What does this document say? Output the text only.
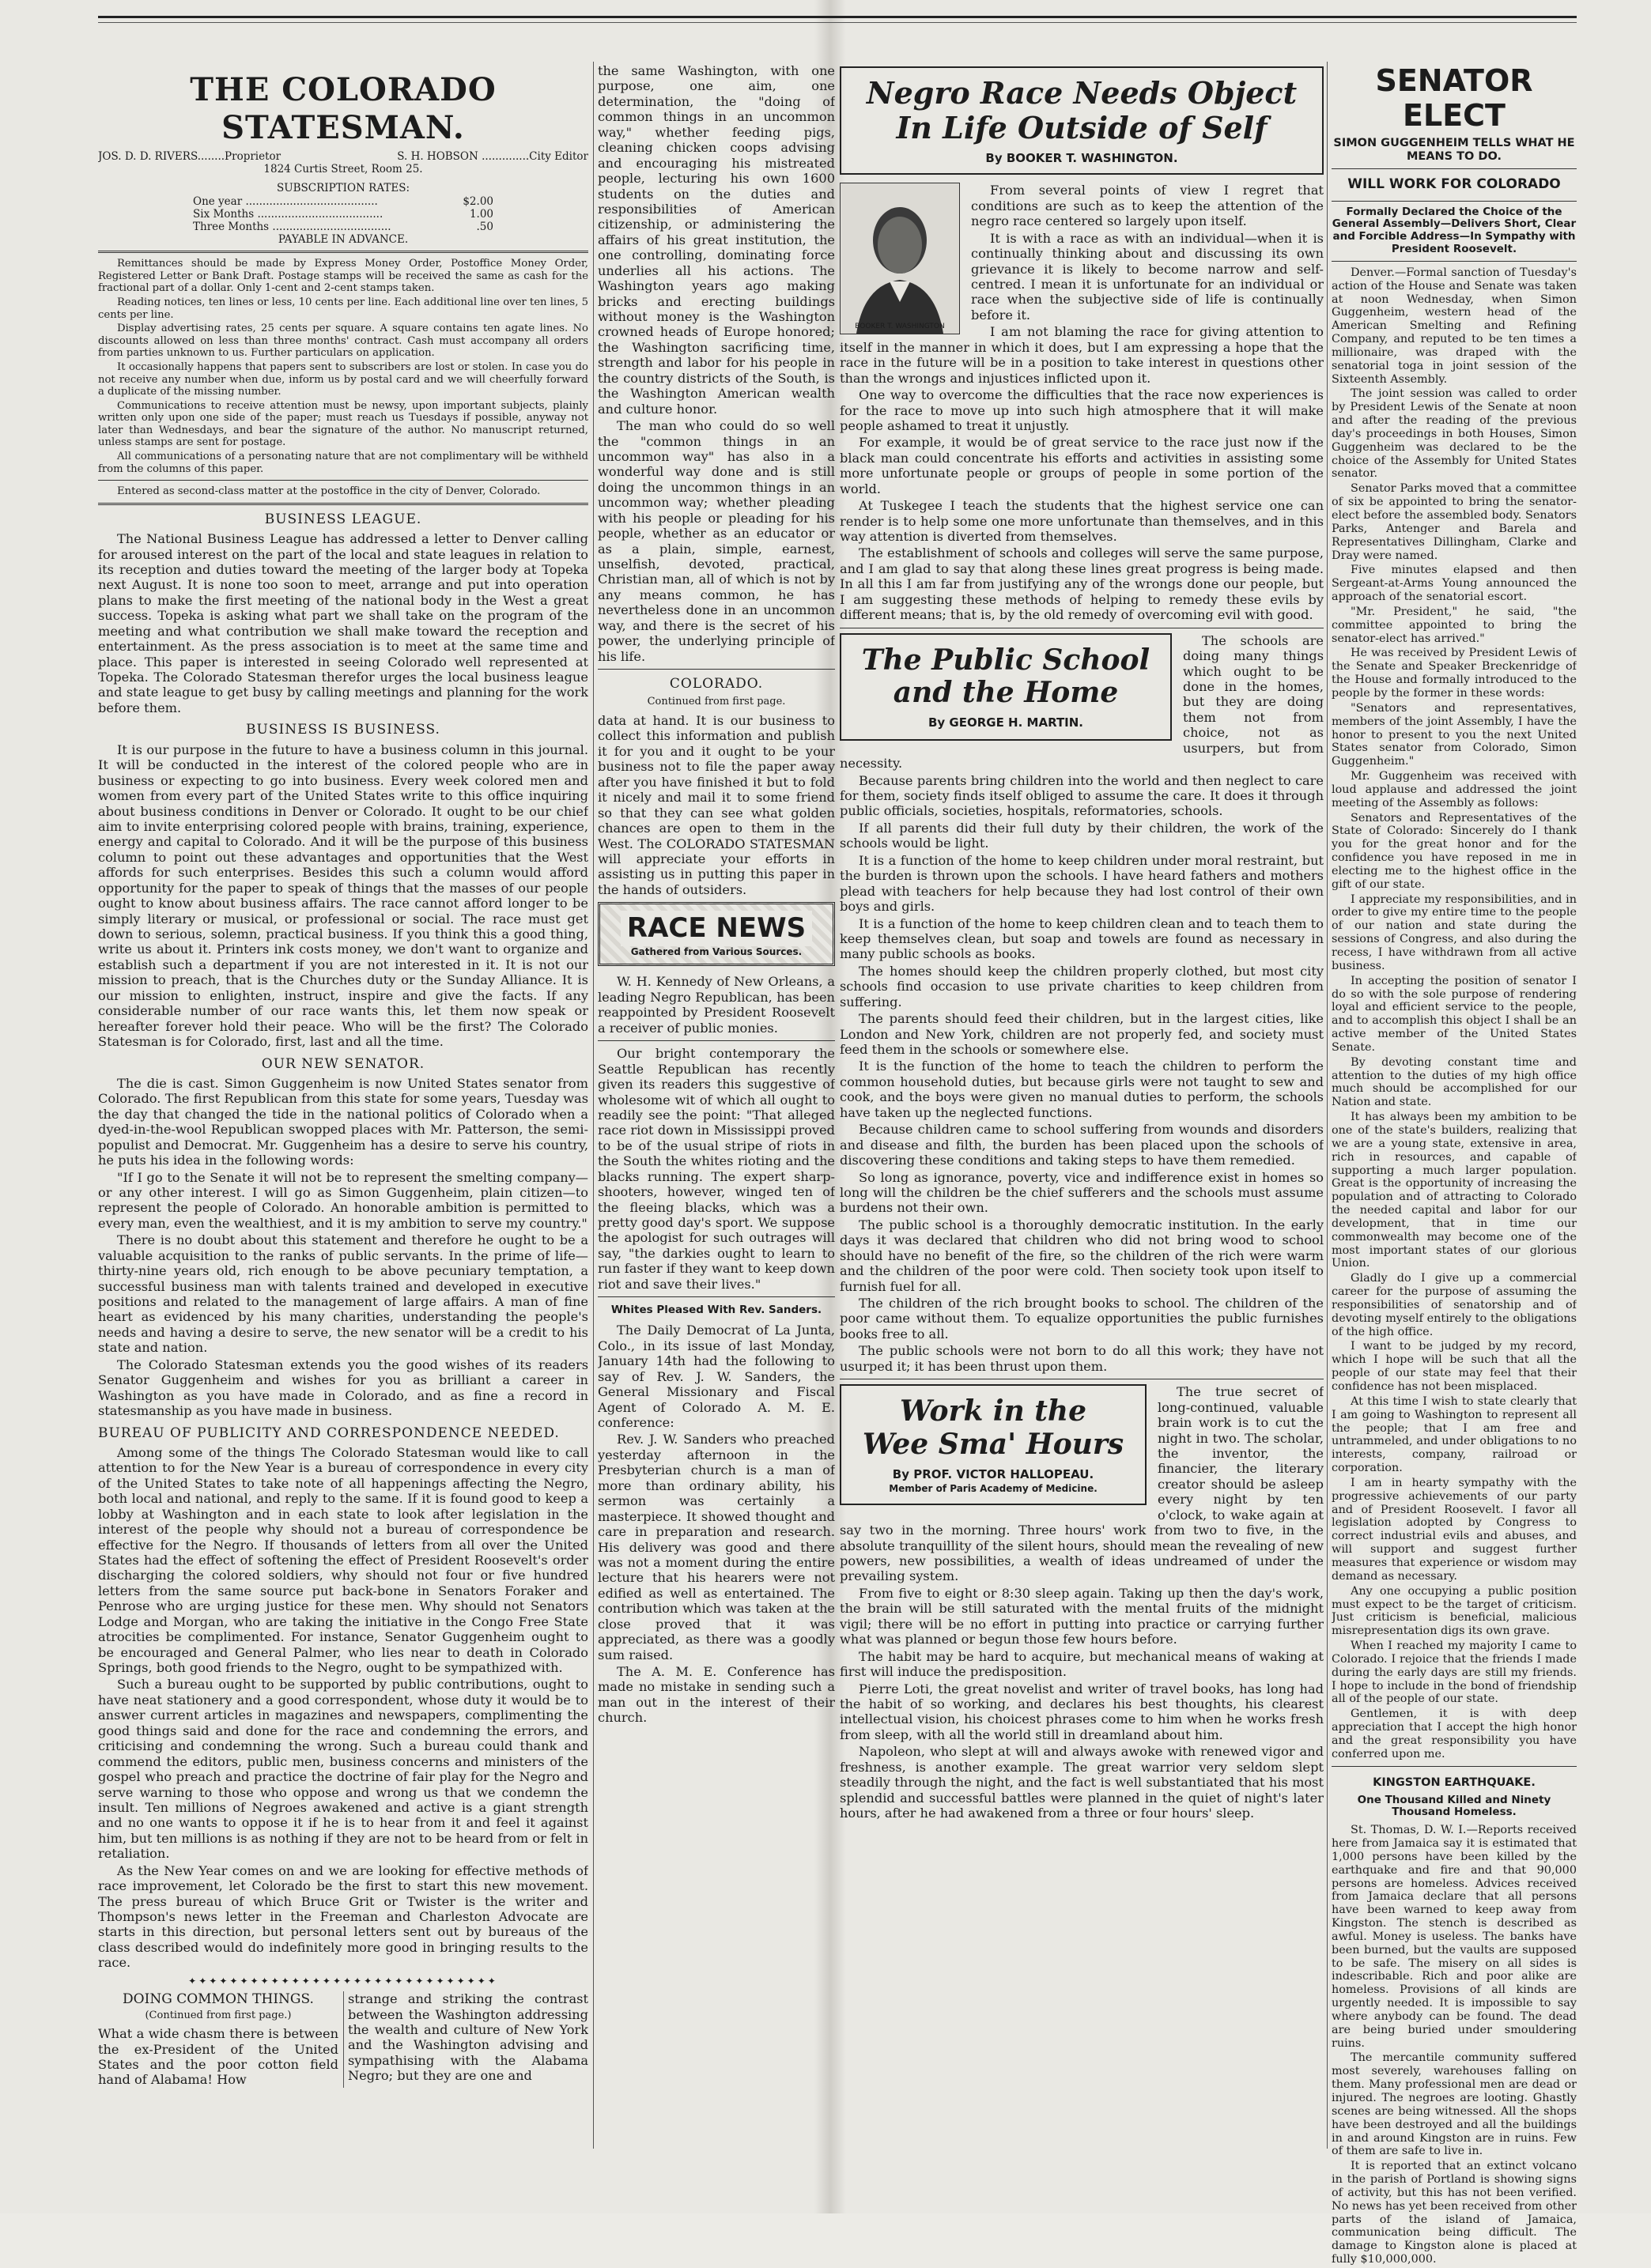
THE COLORADO STATESMAN.
JOS. D. D. RIVERS........Proprietor	S. H. HOBSON ..............City Editor
1824 Curtis Street, Room 25.
SUBSCRIPTION RATES:
One year .......................................	$2.00
Six Months .....................................	1.00
Three Months ...................................	.50
PAYABLE IN ADVANCE.

Remittances should be made by Express Money Order, Postoffice Money Order, Registered Letter or Bank Draft. Postage stamps will be received the same as cash for the fractional part of a dollar. Only 1-cent and 2-cent stamps taken.

Reading notices, ten lines or less, 10 cents per line. Each additional line over ten lines, 5 cents per line.

Display advertising rates, 25 cents per square. A square contains ten agate lines. No discounts allowed on less than three months' contract. Cash must accompany all orders from parties unknown to us. Further particulars on application.

It occasionally happens that papers sent to subscribers are lost or stolen. In case you do not receive any number when due, inform us by postal card and we will cheerfully forward a duplicate of the missing number.

Communications to receive attention must be newsy, upon important subjects, plainly written only upon one side of the paper; must reach us Tuesdays if possible, anyway not later than Wednesdays, and bear the signature of the author. No manuscript returned, unless stamps are sent for postage.

All communications of a personating nature that are not complimentary will be withheld from the columns of this paper.

Entered as second-class matter at the postoffice in the city of Denver, Colorado.

BUSINESS LEAGUE.

The National Business League has addressed a letter to Denver calling for aroused interest on the part of the local and state leagues in relation to its reception and duties toward the meeting of the larger body at Topeka next August. It is none too soon to meet, arrange and put into operation plans to make the first meeting of the national body in the West a great success. Topeka is asking what part we shall take on the program of the meeting and what contribution we shall make toward the reception and entertainment. As the press association is to meet at the same time and place. This paper is interested in seeing Colorado well represented at Topeka. The Colorado Statesman therefor urges the local business league and state league to get busy by calling meetings and planning for the work before them.

BUSINESS IS BUSINESS.

It is our purpose in the future to have a business column in this journal. It will be conducted in the interest of the colored people who are in business or expecting to go into business. Every week colored men and women from every part of the United States write to this office inquiring about business conditions in Denver or Colorado. It ought to be our chief aim to invite enterprising colored people with brains, training, experience, energy and capital to Colorado. And it will be the purpose of this business column to point out these advantages and opportunities that the West affords for such enterprises. Besides this such a column would afford opportunity for the paper to speak of things that the masses of our people ought to know about business affairs. The race cannot afford longer to be simply literary or musical, or professional or social. The race must get down to serious, solemn, practical business. If you think this a good thing, write us about it. Printers ink costs money, we don't want to organize and establish such a department if you are not interested in it. It is not our mission to preach, that is the Churches duty or the Sunday Alliance. It is our mission to enlighten, instruct, inspire and give the facts. If any considerable number of our race wants this, let them now speak or hereafter forever hold their peace. Who will be the first? The Colorado Statesman is for Colorado, first, last and all the time.

OUR NEW SENATOR.

The die is cast. Simon Guggenheim is now United States senator from Colorado. The first Republican from this state for some years, Tuesday was the day that changed the tide in the national politics of Colorado when a dyed-in-the-wool Republican swopped places with Mr. Patterson, the semi-populist and Democrat. Mr. Guggenheim has a desire to serve his country, he puts his idea in the following words:

"If I go to the Senate it will not be to represent the smelting company—or any other interest. I will go as Simon Guggenheim, plain citizen—to represent the people of Colorado. An honorable ambition is permitted to every man, even the wealthiest, and it is my ambition to serve my country."

There is no doubt about this statement and therefore he ought to be a valuable acquisition to the ranks of public servants. In the prime of life—thirty-nine years old, rich enough to be above pecuniary temptation, a successful business man with talents trained and developed in executive positions and related to the management of large affairs. A man of fine heart as evidenced by his many charities, understanding the people's needs and having a desire to serve, the new senator will be a credit to his state and nation.

The Colorado Statesman extends you the good wishes of its readers Senator Guggenheim and wishes for you as brilliant a career in Washington as you have made in Colorado, and as fine a record in statesmanship as you have made in business.

BUREAU OF PUBLICITY AND CORRESPONDENCE NEEDED.

Among some of the things The Colorado Statesman would like to call attention to for the New Year is a bureau of correspondence in every city of the United States to take note of all happenings affecting the Negro, both local and national, and reply to the same. If it is found good to keep a lobby at Washington and in each state to look after legislation in the interest of the people why should not a bureau of correspondence be effective for the Negro. If thousands of letters from all over the United States had the effect of softening the effect of President Roosevelt's order discharging the colored soldiers, why should not four or five hundred letters from the same source put back-bone in Senators Foraker and Penrose who are urging justice for these men. Why should not Senators Lodge and Morgan, who are taking the initiative in the Congo Free State atrocities be complimented. For instance, Senator Guggenheim ought to be encouraged and General Palmer, who lies near to death in Colorado Springs, both good friends to the Negro, ought to be sympathized with.

Such a bureau ought to be supported by public contributions, ought to have neat stationery and a good correspondent, whose duty it would be to answer current articles in magazines and newspapers, complimenting the good things said and done for the race and condemning the errors, and criticising and condemning the wrong. Such a bureau could thank and commend the editors, public men, business concerns and ministers of the gospel who preach and practice the doctrine of fair play for the Negro and serve warning to those who oppose and wrong us that we condemn the insult. Ten millions of Negroes awakened and active is a giant strength and no one wants to oppose it if he is to hear from it and feel it against him, but ten millions is as nothing if they are not to be heard from or felt in retaliation.

As the New Year comes on and we are looking for effective methods of race improvement, let Colorado be the first to start this new movement. The press bureau of which Bruce Grit or Twister is the writer and Thompson's news letter in the Freeman and Charleston Advocate are starts in this direction, but personal letters sent out by bureaus of the class described would do indefinitely more good in bringing results to the race.

✦✦✦✦✦✦✦✦✦✦✦✦✦✦✦✦✦✦✦✦✦✦✦✦✦✦✦✦✦✦
DOING COMMON THINGS.
(Continued from first page.)

What a wide chasm there is between the ex-President of the United States and the poor cotton field hand of Alabama! How

strange and striking the contrast between the Washington addressing the wealth and culture of New York and the Washington advising and sympathising with the Alabama Negro; but they are one and

the same Washington, with one purpose, one aim, one determination, the "doing of common things in an uncommon way," whether feeding pigs, cleaning chicken coops advising and encouraging his mistreated people, lecturing his own 1600 students on the duties and responsibilities of American citizenship, or administering the affairs of his great institution, the one controlling, dominating force underlies all his actions. The Washington years ago making bricks and erecting buildings without money is the Washington crowned heads of Europe honored; the Washington sacrificing time, strength and labor for his people in the country districts of the South, is the Washington American wealth and culture honor.

The man who could do so well the "common things in an uncommon way" has also in a wonderful way done and is still doing the uncommon things in an uncommon way; whether pleading with his people or pleading for his people, whether as an educator or as a plain, simple, earnest, unselfish, devoted, practical, Christian man, all of which is not by any means common, he has nevertheless done in an uncommon way, and there is the secret of his power, the underlying principle of his life.

COLORADO.
Continued from first page.

data at hand. It is our business to collect this information and publish it for you and it ought to be your business not to file the paper away after you have finished it but to fold it nicely and mail it to some friend so that they can see what golden chances are open to them in the West. The COLORADO STATESMAN will appreciate your efforts in assisting us in putting this paper in the hands of outsiders.

RACE NEWS
Gathered from Various Sources.

W. H. Kennedy of New Orleans, a leading Negro Republican, has been reappointed by President Roosevelt a receiver of public monies.

Our bright contemporary the Seattle Republican has recently given its readers this suggestive of wholesome wit of which all ought to readily see the point: "That alleged race riot down in Mississippi proved to be of the usual stripe of riots in the South the whites rioting and the blacks running. The expert sharp-shooters, however, winged ten of the fleeing blacks, which was a pretty good day's sport. We suppose the apologist for such outrages will say, "the darkies ought to learn to run faster if they want to keep down riot and save their lives."

Whites Pleased With Rev. Sanders.

The Daily Democrat of La Junta, Colo., in its issue of last Monday, January 14th had the following to say of Rev. J. W. Sanders, the General Missionary and Fiscal Agent of Colorado A. M. E. conference:

Rev. J. W. Sanders who preached yesterday afternoon in the Presbyterian church is a man of more than ordinary ability, his sermon was certainly a masterpiece. It showed thought and care in preparation and research. His delivery was good and there was not a moment during the entire lecture that his hearers were not edified as well as entertained. The contribution which was taken at the close proved that it was appreciated, as there was a goodly sum raised.

The A. M. E. Conference has made no mistake in sending such a man out in the interest of their church.

Negro Race Needs Object
In Life Outside of Self
By BOOKER T. WASHINGTON.
BOOKER T. WASHINGTON

From several points of view I regret that conditions are such as to keep the attention of the negro race centered so largely upon itself.

It is with a race as with an individual—when it is continually thinking about and discussing its own grievance it is likely to become narrow and self-centred. I mean it is unfortunate for an individual or race when the subjective side of life is continually before it.

I am not blaming the race for giving attention to itself in the manner in which it does, but I am expressing a hope that the race in the future will be in a position to take interest in questions other than the wrongs and injustices inflicted upon it.

One way to overcome the difficulties that the race now experiences is for the race to move up into such high atmosphere that it will make people ashamed to treat it unjustly.

For example, it would be of great service to the race just now if the black man could concentrate his efforts and activities in assisting some more unfortunate people or groups of people in some portion of the world.

At Tuskegee I teach the students that the highest service one can render is to help some one more unfortunate than themselves, and in this way attention is diverted from themselves.

The establishment of schools and colleges will serve the same purpose, and I am glad to say that along these lines great progress is being made. In all this I am far from justifying any of the wrongs done our people, but I am suggesting these methods of helping to remedy these evils by different means; that is, by the old remedy of overcoming evil with good.

The Public School
and the Home
By GEORGE H. MARTIN.

The schools are doing many things which ought to be done in the homes, but they are doing them not from choice, not as usurpers, but from necessity.

Because parents bring children into the world and then neglect to care for them, society finds itself obliged to assume the care. It does it through public officials, societies, hospitals, reformatories, schools.

If all parents did their full duty by their children, the work of the schools would be light.

It is a function of the home to keep children under moral restraint, but the burden is thrown upon the schools. I have heard fathers and mothers plead with teachers for help because they had lost control of their own boys and girls.

It is a function of the home to keep children clean and to teach them to keep themselves clean, but soap and towels are found as necessary in many public schools as books.

The homes should keep the children properly clothed, but most city schools find occasion to use private charities to keep children from suffering.

The parents should feed their children, but in the largest cities, like London and New York, children are not properly fed, and society must feed them in the schools or somewhere else.

It is the function of the home to teach the children to perform the common household duties, but because girls were not taught to sew and cook, and the boys were given no manual duties to perform, the schools have taken up the neglected functions.

Because children came to school suffering from wounds and disorders and disease and filth, the burden has been placed upon the schools of discovering these conditions and taking steps to have them remedied.

So long as ignorance, poverty, vice and indifference exist in homes so long will the children be the chief sufferers and the schools must assume burdens not their own.

The public school is a thoroughly democratic institution. In the early days it was declared that children who did not bring wood to school should have no benefit of the fire, so the children of the rich were warm and the children of the poor were cold. Then society took upon itself to furnish fuel for all.

The children of the rich brought books to school. The children of the poor came without them. To equalize opportunities the public furnishes books free to all.

The public schools were not born to do all this work; they have not usurped it; it has been thrust upon them.

Work in the
Wee Sma' Hours
By PROF. VICTOR HALLOPEAU.
Member of Paris Academy of Medicine.

The true secret of long-continued, valuable brain work is to cut the night in two. The scholar, the inventor, the financier, the literary creator should be asleep every night by ten o'clock, to wake again at say two in the morning. Three hours' work from two to five, in the absolute tranquillity of the silent hours, should mean the revealing of new powers, new possibilities, a wealth of ideas undreamed of under the prevailing system.

From five to eight or 8:30 sleep again. Taking up then the day's work, the brain will be still saturated with the mental fruits of the midnight vigil; there will be no effort in putting into practice or carrying further what was planned or begun those few hours before.

The habit may be hard to acquire, but mechanical means of waking at first will induce the predisposition.

Pierre Loti, the great novelist and writer of travel books, has long had the habit of so working, and declares his best thoughts, his clearest intellectual vision, his choicest phrases come to him when he works fresh from sleep, with all the world still in dreamland about him.

Napoleon, who slept at will and always awoke with renewed vigor and freshness, is another example. The great warrior very seldom slept steadily through the night, and the fact is well substantiated that his most splendid and successful battles were planned in the quiet of night's later hours, after he had awakened from a three or four hours' sleep.

SENATOR ELECT
SIMON GUGGENHEIM TELLS WHAT HE MEANS TO DO.
WILL WORK FOR COLORADO
Formally Declared the Choice of the General Assembly—Delivers Short, Clear and Forcible Address—In Sympathy with President Roosevelt.

Denver.—Formal sanction of Tuesday's action of the House and Senate was taken at noon Wednesday, when Simon Guggenheim, western head of the American Smelting and Refining Company, and reputed to be ten times a millionaire, was draped with the senatorial toga in joint session of the Sixteenth Assembly.

The joint session was called to order by President Lewis of the Senate at noon and after the reading of the previous day's proceedings in both Houses, Simon Guggenheim was declared to be the choice of the Assembly for United States senator.

Senator Parks moved that a committee of six be appointed to bring the senator-elect before the assembled body. Senators Parks, Antenger and Barela and Representatives Dillingham, Clarke and Dray were named.

Five minutes elapsed and then Sergeant-at-Arms Young announced the approach of the senatorial escort.

"Mr. President," he said, "the committee appointed to bring the senator-elect has arrived."

He was received by President Lewis of the Senate and Speaker Breckenridge of the House and formally introduced to the people by the former in these words:

"Senators and representatives, members of the joint Assembly, I have the honor to present to you the next United States senator from Colorado, Simon Guggenheim."

Mr. Guggenheim was received with loud applause and addressed the joint meeting of the Assembly as follows:

Senators and Representatives of the State of Colorado: Sincerely do I thank you for the great honor and for the confidence you have reposed in me in electing me to the highest office in the gift of our state.

I appreciate my responsibilities, and in order to give my entire time to the people of our nation and state during the sessions of Congress, and also during the recess, I have withdrawn from all active business.

In accepting the position of senator I do so with the sole purpose of rendering loyal and efficient service to the people, and to accomplish this object I shall be an active member of the United States Senate.

By devoting constant time and attention to the duties of my high office much should be accomplished for our Nation and state.

It has always been my ambition to be one of the state's builders, realizing that we are a young state, extensive in area, rich in resources, and capable of supporting a much larger population. Great is the opportunity of increasing the population and of attracting to Colorado the needed capital and labor for our development, that in time our commonwealth may become one of the most important states of our glorious Union.

Gladly do I give up a commercial career for the purpose of assuming the responsibilities of senatorship and of devoting myself entirely to the obligations of the high office.

I want to be judged by my record, which I hope will be such that all the people of our state may feel that their confidence has not been misplaced.

At this time I wish to state clearly that I am going to Washington to represent all the people; that I am free and untrammeled, and under obligations to no interests, company, railroad or corporation.

I am in hearty sympathy with the progressive achievements of our party and of President Roosevelt. I favor all legislation adopted by Congress to correct industrial evils and abuses, and will support and suggest further measures that experience or wisdom may demand as necessary.

Any one occupying a public position must expect to be the target of criticism. Just criticism is beneficial, malicious misrepresentation digs its own grave.

When I reached my majority I came to Colorado. I rejoice that the friends I made during the early days are still my friends. I hope to include in the bond of friendship all of the people of our state.

Gentlemen, it is with deep appreciation that I accept the high honor and the great responsibility you have conferred upon me.

KINGSTON EARTHQUAKE.
One Thousand Killed and Ninety Thousand Homeless.

St. Thomas, D. W. I.—Reports received here from Jamaica say it is estimated that 1,000 persons have been killed by the earthquake and fire and that 90,000 persons are homeless. Advices received from Jamaica declare that all persons have been warned to keep away from Kingston. The stench is described as awful. Money is useless. The banks have been burned, but the vaults are supposed to be safe. The misery on all sides is indescribable. Rich and poor alike are homeless. Provisions of all kinds are urgently needed. It is impossible to say where anybody can be found. The dead are being buried under smouldering ruins.

The mercantile community suffered most severely, warehouses falling on them. Many professional men are dead or injured. The negroes are looting. Ghastly scenes are being witnessed. All the shops have been destroyed and all the buildings in and around Kingston are in ruins. Few of them are safe to live in.

It is reported that an extinct volcano in the parish of Portland is showing signs of activity, but this has not been verified. No news has yet been received from other parts of the island of Jamaica, communication being difficult. The damage to Kingston alone is placed at fully $10,000,000.
